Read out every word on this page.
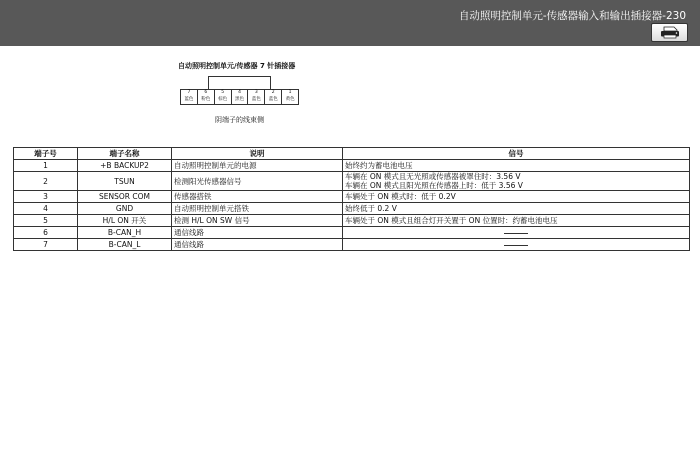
自动照明控制单元-传感器输入和输出插接器-230
自动照明控制单元/传感器 7 针插接器
7
蓝色
6
粉色
5
棕色
4
黑色
3
蓝色
2
蓝色
1
黄色
阴端子的线束侧
端子号	端子名称	说明	信号
1	+B BACKUP2	自动照明控制单元的电源	始终约为蓄电池电压

2	TSUN	检测阳光传感器信号	车辆在 ON 模式且无光照或传感器被罩住时：3.56 V
车辆在 ON 模式且阳光照在传感器上时：低于 3.56 V

3	SENSOR COM	传感器搭铁	车辆处于 ON 模式时：低于 0.2V

4	GND	自动照明控制单元搭铁	始终低于 0.2 V

5	H/L ON 开关	检测 H/L ON SW 信号	车辆处于 ON 模式且组合灯开关置于 ON 位置时：约蓄电池电压

6	B-CAN_H	通信线路	
7	B-CAN_L	通信线路	
